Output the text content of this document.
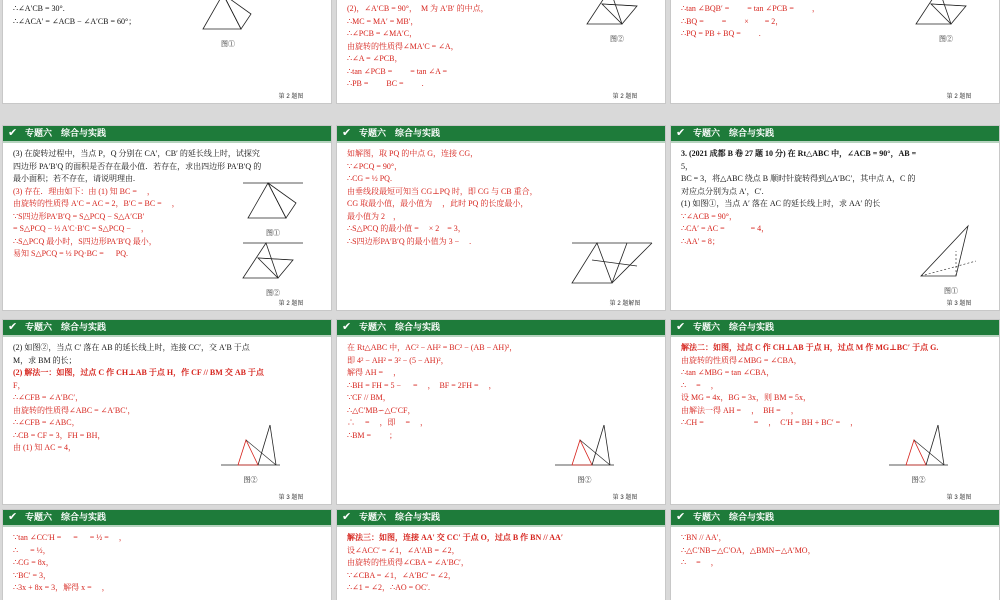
∴∠A′CB = 30°.
∴∠ACA′ = ∠ACB − ∠A′CB = 60°；
图①
第 2 题图
(2)，∠A′CB = 90°，　M 为 A′B′ 的中点，
∴MC = MA′ = MB′，
∴∠PCB = ∠MA′C，
由旋转的性质得∠MA′C = ∠A，
∴∠A = ∠PCB，
∴tan ∠PCB = 　　= tan ∠A =
∴PB = 　　BC = 　　.
图②
第 2 题图
∴tan ∠BQB′ = 　　= tan ∠PCB = 　　，
∴BQ = 　　= 　　×　　= 2，
∴PQ = PB + BQ = 　　.
图②
第 2 题图
✔ 专题六　综合与实践
(3) 在旋转过程中，当点 P，Q 分别在 CA′，CB′ 的延长线上时，试探究
四边形 PA′B′Q 的面积是否存在最小值．若存在，求出四边形 PA′B′Q 的
最小面积；若不存在，请说明理由.
(3) 存在．理由如下：由 (1) 知 BC = 　，
由旋转的性质得 A′C = AC = 2，B′C = BC = 　，
∵S四边形PA′B′Q = S△PCQ − S△A′CB′
= S△PCQ − ½ A′C·B′C = S△PCQ − 　，
∴S△PCQ 最小时，S四边形PA′B′Q 最小，
易知 S△PCQ = ½ PQ·BC = 　 PQ.
图①
图②
第 2 题图
✔ 专题六　综合与实践
如解图，取 PQ 的中点 G，连接 CG，
∵∠PCQ = 90°，
∴CG = ½ PQ.
由垂线段最短可知当 CG⊥PQ 时，即 CG 与 CB 重合，
CG 取最小值，最小值为 　，此时 PQ 的长度最小，
最小值为 2　，
∴S△PCQ 的最小值 = 　× 2　= 3，
∴S四边形PA′B′Q 的最小值为 3 − 　.
第 2 题解图
✔ 专题六　综合与实践
3. (2021 成都 B 卷 27 题 10 分) 在 Rt△ABC 中，∠ACB = 90°，AB =
5，
BC = 3，将△ABC 绕点 B 顺时针旋转得到△A′BC′，其中点 A，C 的
对应点分别为点 A′，C′.
(1) 如图①，当点 A′ 落在 AC 的延长线上时，求 AA′ 的长
∵∠ACB = 90°，
∴CA′ = AC = 　　　= 4，
∴AA′ = 8；
图①
第 3 题图
✔ 专题六　综合与实践
(2) 如图②，当点 C′ 落在 AB 的延长线上时，连接 CC′，交 A′B 于点
M，求 BM 的长；
(2) 解法一：如图，过点 C 作 CH⊥AB 于点 H，作 CF // BM 交 AB 于点
F，
∴∠CFB = ∠A′BC′，
由旋转的性质得∠ABC = ∠A′BC′，
∴∠CFB = ∠ABC，
∴CB = CF = 3，FH = BH，
由 (1) 知 AC = 4，
图②
第 3 题图
✔ 专题六　综合与实践
在 Rt△ABC 中，AC² − AH² = BC² − (AB − AH)²，
即 4² − AH² = 3² − (5 − AH)²，
解得 AH = 　，
∴BH = FH = 5 − 　 = 　，　BF = 2FH = 　，
∵CF // BM，
∴△C′MB∽△C′CF，
∴ 　= 　，即 　= 　，
∴BM = 　　；
图②
第 3 题图
✔ 专题六　综合与实践
解法二：如图，过点 C 作 CH⊥AB 于点 H，过点 M 作 MG⊥BC′ 于点 G.
由旋转的性质得∠MBG = ∠CBA，
∴tan ∠MBG = tan ∠CBA，
∴ 　= 　，
设 MG = 4x，BG = 3x，则 BM = 5x，
由解法一得 AH = 　，　BH = 　，
∴CH = 　　　　　　= 　，　C′H = BH + BC′ = 　，
图②
第 3 题图
✔ 专题六　综合与实践
∵tan ∠CC′H = 　 = 　 = ½ = 　，
∴ 　 = ½，
∴CG = 8x，
∵BC′ = 3，
∴3x + 8x = 3，解得 x = 　，
✔ 专题六　综合与实践
解法三：如图，连接 AA′ 交 CC′ 于点 O，过点 B 作 BN // AA′
设∠ACC′ = ∠1，∠A′AB = ∠2，
由旋转的性质得∠CBA = ∠A′BC′，
∵∠CBA = ∠1，∠A′BC′ = ∠2，
∴∠1 = ∠2，∴AO = OC′.
✔ 专题六　综合与实践
∵BN // AA′，
∴△C′NB∽△C′OA，△BMN∽△A′MO，
∴ 　= 　，
